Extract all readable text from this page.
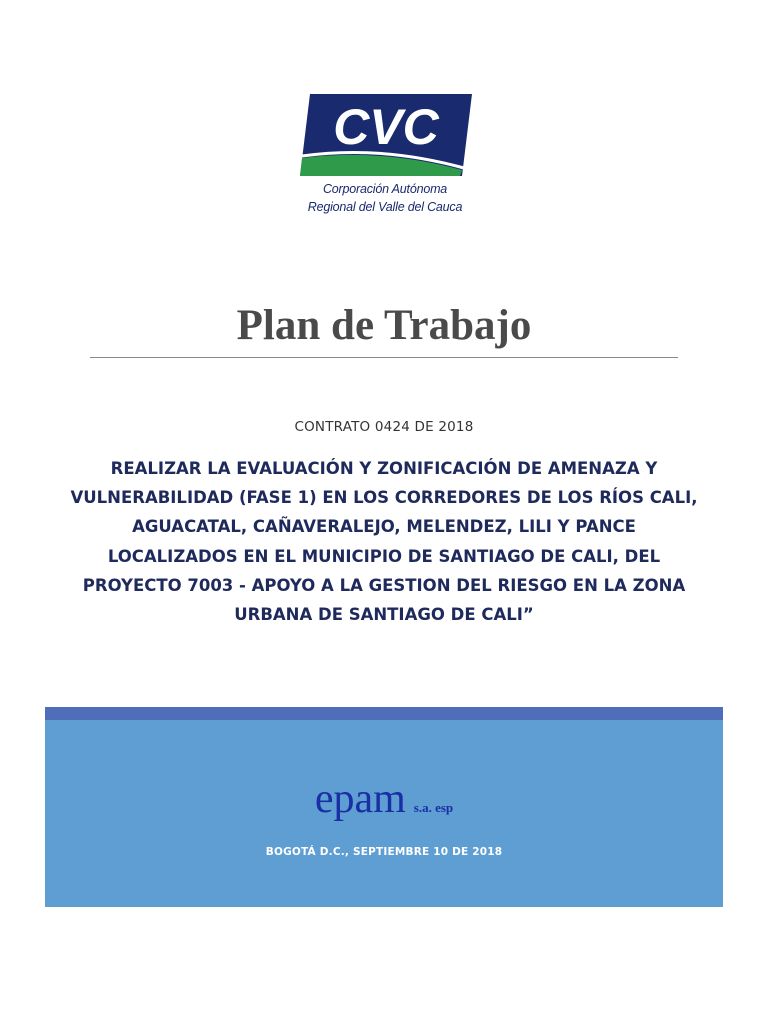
CVC
Corporación Autónoma
Regional del Valle del Cauca
Plan de Trabajo
CONTRATO 0424 DE 2018

REALIZAR LA EVALUACIÓN Y ZONIFICACIÓN DE AMENAZA Y VULNERABILIDAD (FASE 1) EN LOS CORREDORES DE LOS RÍOS CALI, AGUACATAL, CAÑAVERALEJO, MELENDEZ, LILI Y PANCE LOCALIZADOS EN EL MUNICIPIO DE SANTIAGO DE CALI, DEL PROYECTO 7003 - APOYO A LA GESTION DEL RIESGO EN LA ZONA URBANA DE SANTIAGO DE CALI”

epam s.a. esp
BOGOTÁ D.C., SEPTIEMBRE 10 DE 2018
